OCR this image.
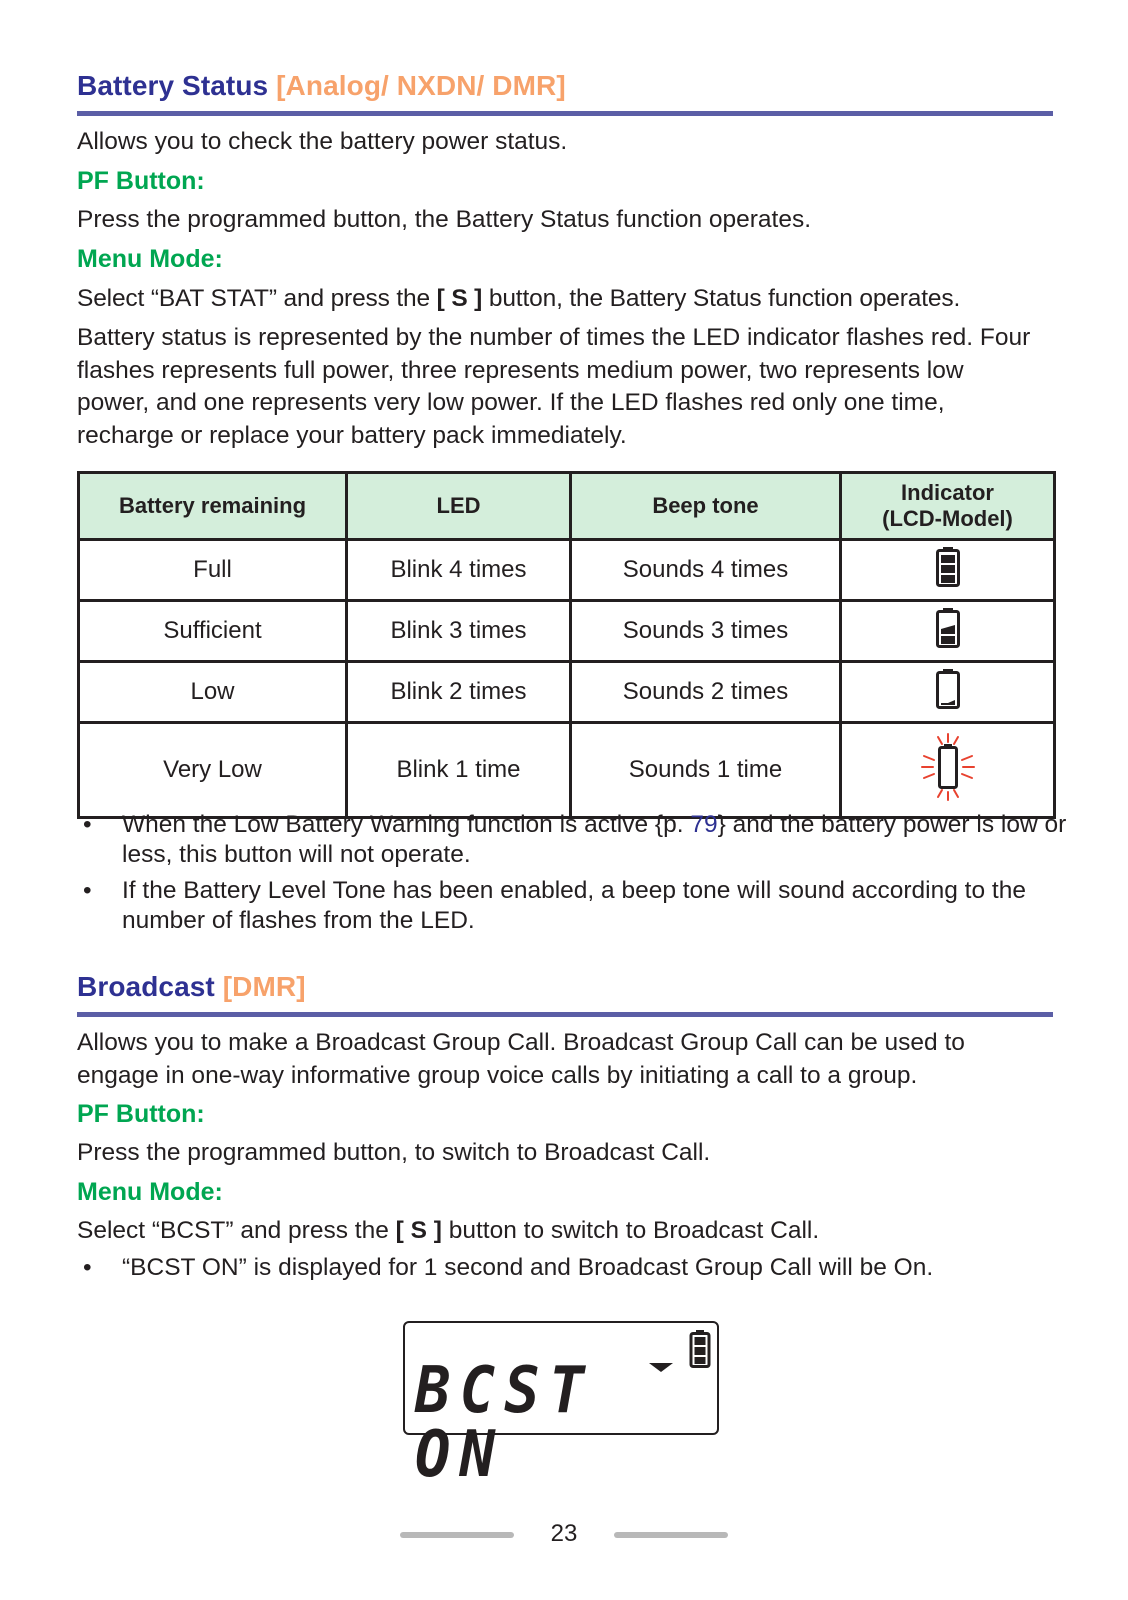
Battery Status [Analog/ NXDN/ DMR]
Allows you to check the battery power status.
PF Button:
Press the programmed button, the Battery Status function operates.
Menu Mode:
Select “BAT STAT” and press the [ S ] button, the Battery Status function operates.
Battery status is represented by the number of times the LED indicator flashes red. Four flashes represents full power, three represents medium power, two represents low power, and one represents very low power. If the LED flashes red only one time, recharge or replace your battery pack immediately.
Battery remaining	LED	Beep tone	Indicator
(LCD-Model)
Full	Blink 4 times	Sounds 4 times	
Sufficient	Blink 3 times	Sounds 3 times	
Low	Blink 2 times	Sounds 2 times	
Very Low	Blink 1 time	Sounds 1 time	
• When the Low Battery Warning function is active {p. 79} and the battery power is low or less, this button will not operate.
• If the Battery Level Tone has been enabled, a beep tone will sound according to the number of flashes from the LED.
Broadcast [DMR]
Allows you to make a Broadcast Group Call. Broadcast Group Call can be used to engage in one-way informative group voice calls by initiating a call to a group.
PF Button:
Press the programmed button, to switch to Broadcast Call.
Menu Mode:
Select “BCST” and press the [ S ] button to switch to Broadcast Call.
• “BCST ON” is displayed for 1 second and Broadcast Group Call will be On.
BCST ON
23
